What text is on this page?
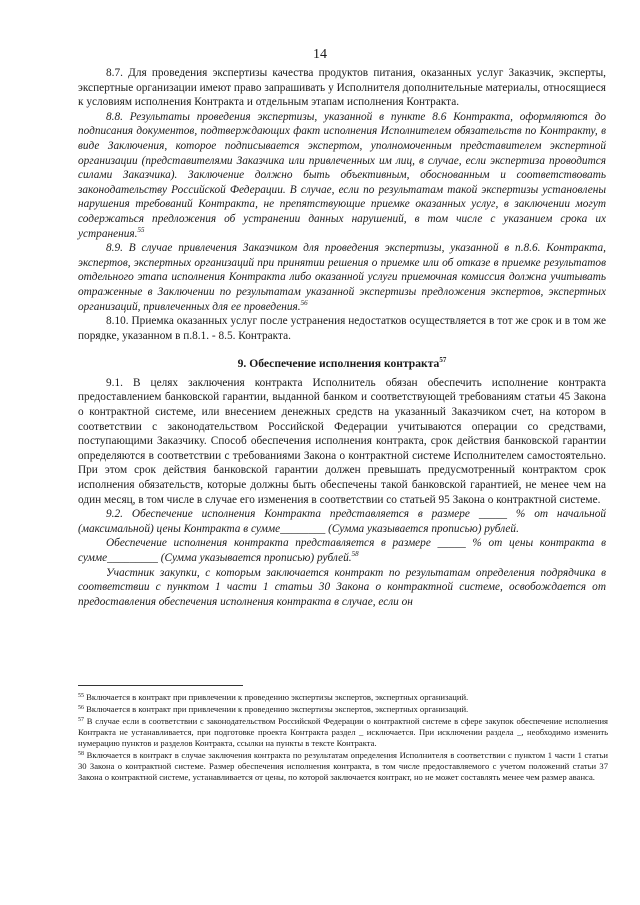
14

8.7. Для проведения экспертизы качества продуктов питания, оказанных услуг Заказчик, эксперты, экспертные организации имеют право запрашивать у Исполнителя дополнительные материалы, относящиеся к условиям исполнения Контракта и отдельным этапам исполнения Контракта.

8.8. Результаты проведения экспертизы, указанной в пункте 8.6 Контракта, оформляются до подписания документов, подтверждающих факт исполнения Исполнителем обязательств по Контракту, в виде Заключения, которое подписывается экспертом, уполномоченным представителем экспертной организации (представителями Заказчика или привлеченных им лиц, в случае, если экспертиза проводится силами Заказчика). Заключение должно быть объективным, обоснованным и соответствовать законодательству Российской Федерации. В случае, если по результатам такой экспертизы установлены нарушения требований Контракта, не препятствующие приемке оказанных услуг, в заключении могут содержаться предложения об устранении данных нарушений, в том числе с указанием срока их устранения.$^{55}$

8.9. В случае привлечения Заказчиком для проведения экспертизы, указанной в п.8.6. Контракта, экспертов, экспертных организаций при принятии решения о приемке или об отказе в приемке результатов отдельного этапа исполнения Контракта либо оказанной услуги приемочная комиссия должна учитывать отраженные в Заключении по результатам указанной экспертизы предложения экспертов, экспертных организаций, привлеченных для ее проведения.$^{56}$

8.10. Приемка оказанных услуг после устранения недостатков осуществляется в тот же срок и в том же порядке, указанном в п.8.1. - 8.5. Контракта.

9. Обеспечение исполнения контракта$^{57}$

9.1. В целях заключения контракта Исполнитель обязан обеспечить исполнение контракта предоставлением банковской гарантии, выданной банком и соответствующей требованиям статьи 45 Закона о контрактной системе, или внесением денежных средств на указанный Заказчиком счет, на котором в соответствии с законодательством Российской Федерации учитываются операции со средствами, поступающими Заказчику. Способ обеспечения исполнения контракта, срок действия банковской гарантии определяются в соответствии с требованиями Закона о контрактной системе Исполнителем самостоятельно. При этом срок действия банковской гарантии должен превышать предусмотренный контрактом срок исполнения обязательств, которые должны быть обеспечены такой банковской гарантией, не менее чем на один месяц, в том числе в случае его изменения в соответствии со статьей 95 Закона о контрактной системе.

9.2. Обеспечение исполнения Контракта представляется в размере _____ % от начальной (максимальной) цены Контракта в сумме________ (Сумма указывается прописью) рублей.

Обеспечение исполнения контракта представляется в размере _____ % от цены контракта в сумме_________ (Сумма указывается прописью) рублей.$^{58}$

Участник закупки, с которым заключается контракт по результатам определения подрядчика в соответствии с пунктом 1 части 1 статьи 30 Закона о контрактной системе, освобождается от предоставления обеспечения исполнения контракта в случае, если он

$^{55}$ Включается в контракт при привлечении к проведению экспертизы экспертов, экспертных организаций.

$^{56}$ Включается в контракт при привлечении к проведению экспертизы экспертов, экспертных организаций.

$^{57}$ В случае если в соответствии с законодательством Российской Федерации о контрактной системе в сфере закупок обеспечение исполнения Контракта не устанавливается, при подготовке проекта Контракта раздел _ исключается. При исключении раздела _, необходимо изменить нумерацию пунктов и разделов Контракта, ссылки на пункты в тексте Контракта.

$^{58}$ Включается в контракт в случае заключения контракта по результатам определения Исполнителя в соответствии с пунктом 1 части 1 статьи 30 Закона о контрактной системе. Размер обеспечения исполнения контракта, в том числе предоставляемого с учетом положений статьи 37 Закона о контрактной системе, устанавливается от цены, по которой заключается контракт, но не может составлять менее чем размер аванса.
